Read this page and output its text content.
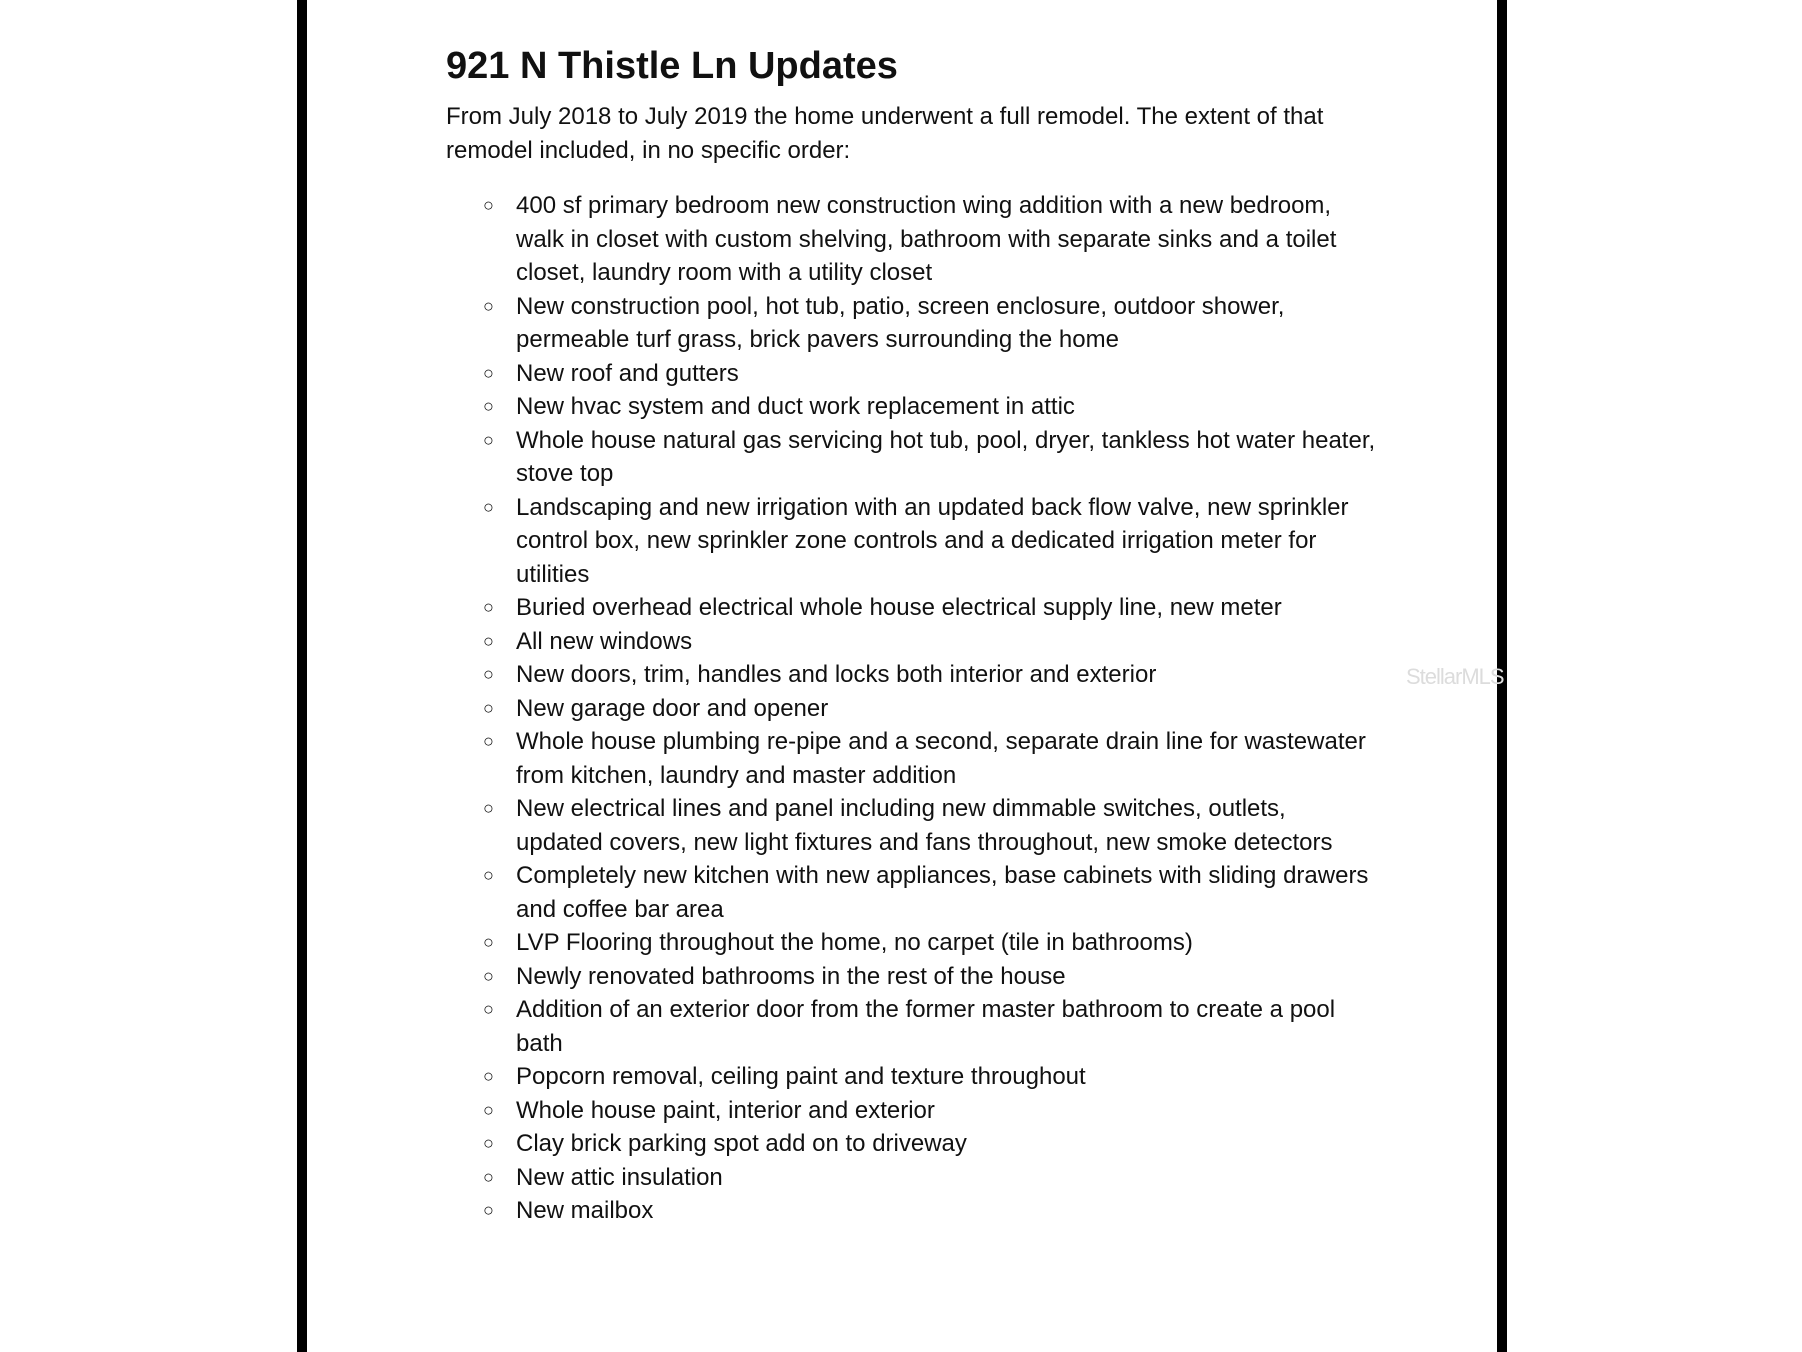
921 N Thistle Ln Updates

From July 2018 to July 2019 the home underwent a full remodel. The extent of that remodel included, in no specific order:

○ 400 sf primary bedroom new construction wing addition with a new bedroom, walk in closet with custom shelving, bathroom with separate sinks and a toilet closet, laundry room with a utility closet
○ New construction pool, hot tub, patio, screen enclosure, outdoor shower, permeable turf grass, brick pavers surrounding the home
○ New roof and gutters
○ New hvac system and duct work replacement in attic
○ Whole house natural gas servicing hot tub, pool, dryer, tankless hot water heater, stove top
○ Landscaping and new irrigation with an updated back flow valve, new sprinkler control box, new sprinkler zone controls and a dedicated irrigation meter for utilities
○ Buried overhead electrical whole house electrical supply line, new meter
○ All new windows
○ New doors, trim, handles and locks both interior and exterior
○ New garage door and opener
○ Whole house plumbing re-pipe and a second, separate drain line for wastewater from kitchen, laundry and master addition
○ New electrical lines and panel including new dimmable switches, outlets, updated covers, new light fixtures and fans throughout, new smoke detectors
○ Completely new kitchen with new appliances, base cabinets with sliding drawers and coffee bar area
○ LVP Flooring throughout the home, no carpet (tile in bathrooms)
○ Newly renovated bathrooms in the rest of the house
○ Addition of an exterior door from the former master bathroom to create a pool bath
○ Popcorn removal, ceiling paint and texture throughout
○ Whole house paint, interior and exterior
○ Clay brick parking spot add on to driveway
○ New attic insulation
○ New mailbox
StellarMLS
